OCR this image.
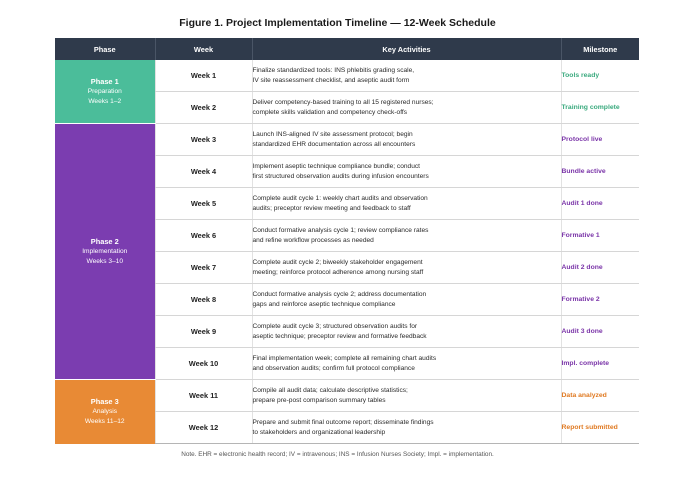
Figure 1. Project Implementation Timeline — 12-Week Schedule
Phase	Week	Key Activities	Milestone

Phase 1
Preparation
Weeks 1–2	Week 1	Finalize standardized tools: INS phlebitis grading scale,
IV site reassessment checklist, and aseptic audit form	Tools ready
	Week 2	Deliver competency-based training to all 15 registered nurses;
complete skills validation and competency check-offs	Training complete

Phase 2
Implementation
Weeks 3–10	Week 3	Launch INS-aligned IV site assessment protocol; begin
standardized EHR documentation across all encounters	Protocol live
	Week 4	Implement aseptic technique compliance bundle; conduct
first structured observation audits during infusion encounters	Bundle active
	Week 5	Complete audit cycle 1: weekly chart audits and observation
audits; preceptor review meeting and feedback to staff	Audit 1 done
	Week 6	Conduct formative analysis cycle 1; review compliance rates
and refine workflow processes as needed	Formative 1
	Week 7	Complete audit cycle 2; biweekly stakeholder engagement
meeting; reinforce protocol adherence among nursing staff	Audit 2 done
	Week 8	Conduct formative analysis cycle 2; address documentation
gaps and reinforce aseptic technique compliance	Formative 2
	Week 9	Complete audit cycle 3; structured observation audits for
aseptic technique; preceptor review and formative feedback	Audit 3 done
	Week 10	Final implementation week; complete all remaining chart audits
and observation audits; confirm full protocol compliance	Impl. complete

Phase 3
Analysis
Weeks 11–12	Week 11	Compile all audit data; calculate descriptive statistics;
prepare pre-post comparison summary tables	Data analyzed
	Week 12	Prepare and submit final outcome report; disseminate findings
to stakeholders and organizational leadership	Report submitted
Note. EHR = electronic health record; IV = intravenous; INS = Infusion Nurses Society; Impl. = implementation.
